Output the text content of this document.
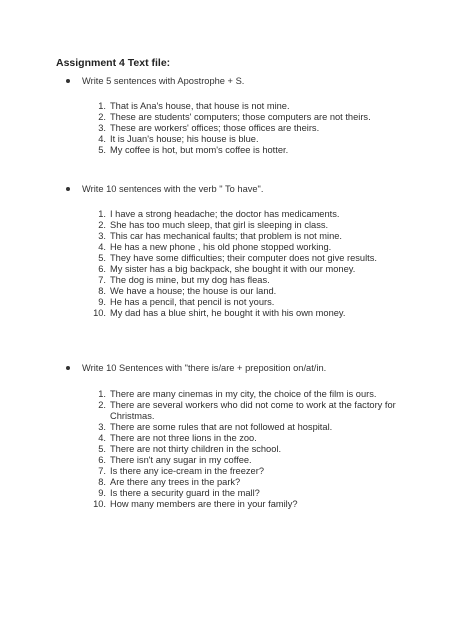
Assignment 4 Text file:
Write 5 sentences with Apostrophe + S.
1. That is Ana's house, that house is not mine.
2. These are students' computers; those computers are not theirs.
3. These are workers' offices; those offices are theirs.
4. It is Juan's house; his house is blue.
5. My coffee is hot, but mom's coffee is hotter.
Write 10 sentences with the verb " To have".
1. I have a strong headache; the doctor has medicaments.
2. She has too much sleep, that girl is sleeping in class.
3. This car has mechanical faults; that problem is not mine.
4. He has a new phone , his old phone stopped working.
5. They have some difficulties; their computer does not give results.
6. My sister has a big backpack, she bought it with our money.
7. The dog is mine, but my dog has fleas.
8. We have a house; the house is our land.
9. He has a pencil, that pencil is not yours.
10. My dad has a blue shirt, he bought it with his own money.
Write 10 Sentences with "there is/are + preposition on/at/in.
1. There are many cinemas in my city, the choice of the film is ours.
2. There are several workers who did not come to work at the factory for Christmas.
3. There are some rules that are not followed at hospital.
4. There are not three lions in the zoo.
5. There are not thirty children in the school.
6. There isn't any sugar in my coffee.
7. Is there any ice-cream in the freezer?
8. Are there any trees in the park?
9. Is there a security guard in the mall?
10. How many members are there in your family?
